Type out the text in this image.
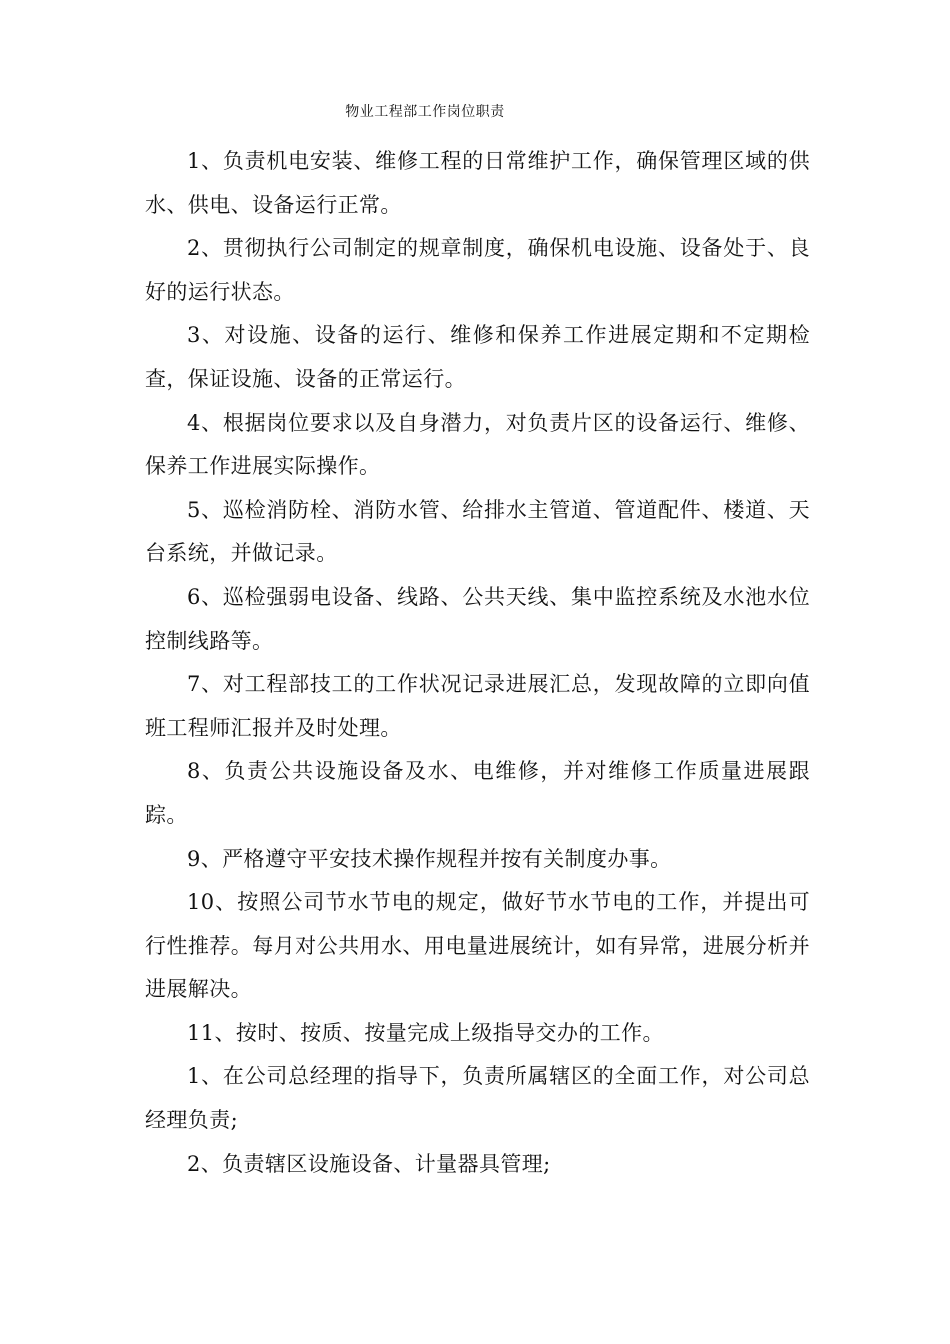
物业工程部工作岗位职责

1、负责机电安装、维修工程的日常维护工作，确保管理区域的供水、供电、设备运行正常。

2、贯彻执行公司制定的规章制度，确保机电设施、设备处于、良好的运行状态。

3、对设施、设备的运行、维修和保养工作进展定期和不定期检查，保证设施、设备的正常运行。

4、根据岗位要求以及自身潜力，对负责片区的设备运行、维修、保养工作进展实际操作。

5、巡检消防栓、消防水管、给排水主管道、管道配件、楼道、天台系统，并做记录。

6、巡检强弱电设备、线路、公共天线、集中监控系统及水池水位控制线路等。

7、对工程部技工的工作状况记录进展汇总，发现故障的立即向值班工程师汇报并及时处理。

8、负责公共设施设备及水、电维修，并对维修工作质量进展跟踪。

9、严格遵守平安技术操作规程并按有关制度办事。

10、按照公司节水节电的规定，做好节水节电的工作，并提出可行性推荐。每月对公共用水、用电量进展统计，如有异常，进展分析并进展解决。

11、按时、按质、按量完成上级指导交办的工作。

1、在公司总经理的指导下，负责所属辖区的全面工作，对公司总经理负责;

2、负责辖区设施设备、计量器具管理;
